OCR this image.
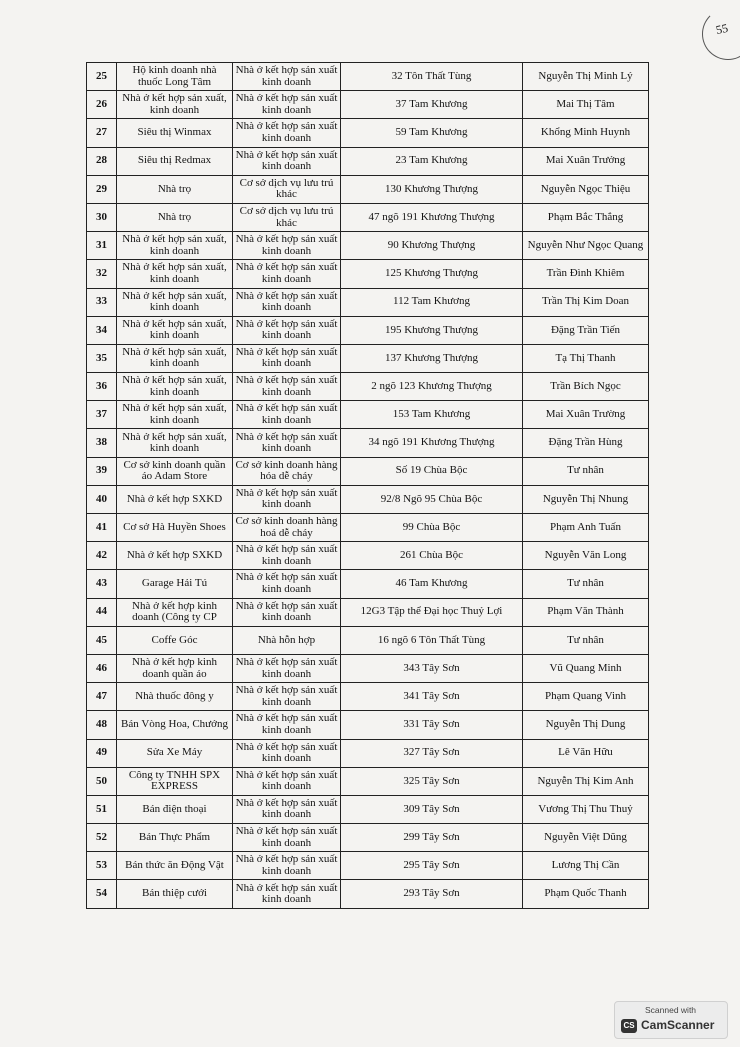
55
25	Hộ kinh doanh nhà thuốc Long Tâm	Nhà ở kết hợp sản xuất kinh doanh	32 Tôn Thất Tùng	Nguyễn Thị Minh Lý
26	Nhà ở kết hợp sản xuất, kinh doanh	Nhà ở kết hợp sản xuất kinh doanh	37 Tam Khương	Mai Thị Tâm
27	Siêu thị Winmax	Nhà ở kết hợp sản xuất kinh doanh	59 Tam Khương	Khổng Minh Huynh
28	Siêu thị Redmax	Nhà ở kết hợp sản xuất kinh doanh	23 Tam Khương	Mai Xuân Trưởng
29	Nhà trọ	Cơ sở dịch vụ lưu trú khác	130 Khương Thượng	Nguyễn Ngọc Thiệu
30	Nhà trọ	Cơ sở dịch vụ lưu trú khác	47 ngõ 191 Khương Thượng	Phạm Bắc Thắng
31	Nhà ở kết hợp sản xuất, kinh doanh	Nhà ở kết hợp sản xuất kinh doanh	90 Khương Thượng	Nguyễn Như Ngọc Quang
32	Nhà ở kết hợp sản xuất, kinh doanh	Nhà ở kết hợp sản xuất kinh doanh	125 Khương Thượng	Trần Đình Khiêm
33	Nhà ở kết hợp sản xuất, kinh doanh	Nhà ở kết hợp sản xuất kinh doanh	112 Tam Khương	Trần Thị Kim Doan
34	Nhà ở kết hợp sản xuất, kinh doanh	Nhà ở kết hợp sản xuất kinh doanh	195 Khương Thượng	Đặng Trần Tiến
35	Nhà ở kết hợp sản xuất, kinh doanh	Nhà ở kết hợp sản xuất kinh doanh	137 Khương Thượng	Tạ Thị Thanh
36	Nhà ở kết hợp sản xuất, kinh doanh	Nhà ở kết hợp sản xuất kinh doanh	2 ngõ 123 Khương Thượng	Trần Bích Ngọc
37	Nhà ở kết hợp sản xuất, kinh doanh	Nhà ở kết hợp sản xuất kinh doanh	153 Tam Khương	Mai Xuân Trường
38	Nhà ở kết hợp sản xuất, kinh doanh	Nhà ở kết hợp sản xuất kinh doanh	34 ngõ 191 Khương Thượng	Đặng Trần Hùng
39	Cơ sở kinh doanh quần áo Adam Store	Cơ sở kinh doanh hàng hóa dễ cháy	Số 19 Chùa Bộc	Tư nhân
40	Nhà ở kết hợp SXKD	Nhà ở kết hợp sản xuất kinh doanh	92/8 Ngõ 95 Chùa Bộc	Nguyễn Thị Nhung
41	Cơ sở Hà Huyền Shoes	Cơ sở kinh doanh hàng hoá dễ cháy	99 Chùa Bộc	Phạm Anh Tuấn
42	Nhà ở kết hợp SXKD	Nhà ở kết hợp sản xuất kinh doanh	261 Chùa Bộc	Nguyễn Văn Long
43	Garage Hải Tú	Nhà ở kết hợp sản xuất kinh doanh	46 Tam Khương	Tư nhân
44	Nhà ở kết hợp kinh doanh (Công ty CP	Nhà ở kết hợp sản xuất kinh doanh	12G3 Tập thể Đại học Thuỷ Lợi	Phạm Văn Thành
45	Coffe Góc	Nhà hỗn hợp	16 ngõ 6 Tôn Thất Tùng	Tư nhân
46	Nhà ở kết hợp kinh doanh quần áo	Nhà ở kết hợp sản xuất kinh doanh	343 Tây Sơn	Vũ Quang Minh
47	Nhà thuốc đông y	Nhà ở kết hợp sản xuất kinh doanh	341 Tây Sơn	Phạm Quang Vinh
48	Bán Vòng Hoa, Chướng	Nhà ở kết hợp sản xuất kinh doanh	331 Tây Sơn	Nguyễn Thị Dung
49	Sửa Xe Máy	Nhà ở kết hợp sản xuất kinh doanh	327 Tây Sơn	Lê Văn Hữu
50	Công ty TNHH SPX EXPRESS	Nhà ở kết hợp sản xuất kinh doanh	325 Tây Sơn	Nguyễn Thị Kim Anh
51	Bán điện thoại	Nhà ở kết hợp sản xuất kinh doanh	309 Tây Sơn	Vương Thị Thu Thuỷ
52	Bán Thực Phẩm	Nhà ở kết hợp sản xuất kinh doanh	299 Tây Sơn	Nguyễn Việt Dũng
53	Bán thức ăn Động Vật	Nhà ở kết hợp sản xuất kinh doanh	295 Tây Sơn	Lương Thị Cần
54	Bán thiệp cưới	Nhà ở kết hợp sản xuất kinh doanh	293 Tây Sơn	Phạm Quốc Thanh
Scanned with
CS CamScanner
